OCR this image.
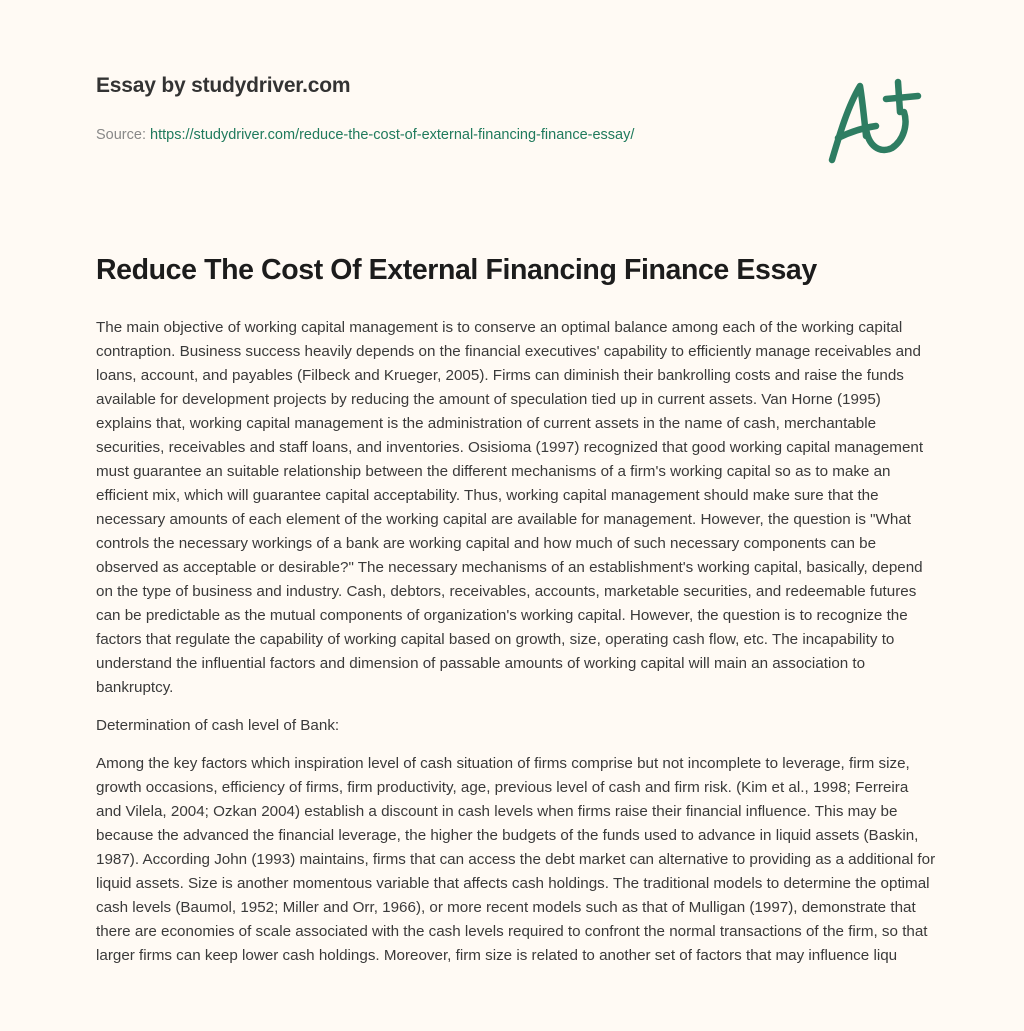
Essay by studydriver.com
Source: https://studydriver.com/reduce-the-cost-of-external-financing-finance-essay/
Reduce The Cost Of External Financing Finance Essay

The main objective of working capital management is to conserve an optimal balance among each of the working capital contraption. Business success heavily depends on the financial executives' capability to efficiently manage receivables and loans, account, and payables (Filbeck and Krueger, 2005). Firms can diminish their bankrolling costs and raise the funds available for development projects by reducing the amount of speculation tied up in current assets. Van Horne (1995) explains that, working capital management is the administration of current assets in the name of cash, merchantable securities, receivables and staff loans, and inventories. Osisioma (1997) recognized that good working capital management must guarantee an suitable relationship between the different mechanisms of a firm's working capital so as to make an efficient mix, which will guarantee capital acceptability. Thus, working capital management should make sure that the necessary amounts of each element of the working capital are available for management. However, the question is "What controls the necessary workings of a bank are working capital and how much of such necessary components can be observed as acceptable or desirable?" The necessary mechanisms of an establishment's working capital, basically, depend on the type of business and industry. Cash, debtors, receivables, accounts, marketable securities, and redeemable futures can be predictable as the mutual components of organization's working capital. However, the question is to recognize the factors that regulate the capability of working capital based on growth, size, operating cash flow, etc. The incapability to understand the influential factors and dimension of passable amounts of working capital will main an association to bankruptcy.

Determination of cash level of Bank:

Among the key factors which inspiration level of cash situation of firms comprise but not incomplete to leverage, firm size, growth occasions, efficiency of firms, firm productivity, age, previous level of cash and firm risk. (Kim et al., 1998; Ferreira and Vilela, 2004; Ozkan 2004) establish a discount in cash levels when firms raise their financial influence. This may be because the advanced the financial leverage, the higher the budgets of the funds used to advance in liquid assets (Baskin, 1987). According John (1993) maintains, firms that can access the debt market can alternative to providing as a additional for liquid assets. Size is another momentous variable that affects cash holdings. The traditional models to determine the optimal cash levels (Baumol, 1952; Miller and Orr, 1966), or more recent models such as that of Mulligan (1997), demonstrate that there are economies of scale associated with the cash levels required to confront the normal transactions of the firm, so that larger firms can keep lower cash holdings. Moreover, firm size is related to another set of factors that may influence liqu
